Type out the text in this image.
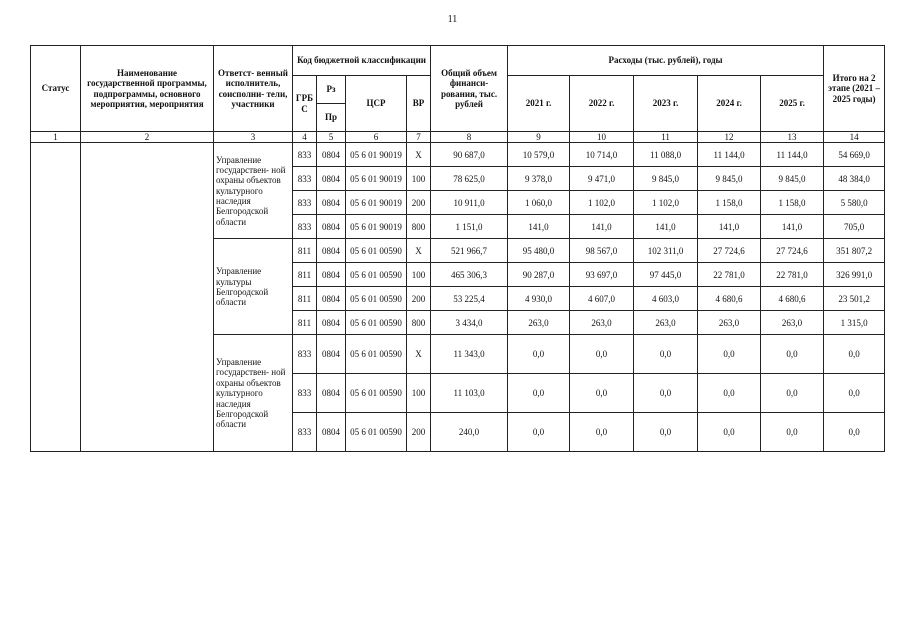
11
Статус	Наименование государственной программы, подпрограммы, основного мероприятия, мероприятия	Ответст- венный исполнитель, соисполни- тели, участники	Код бюджетной классификации				Общий объем финанси- рования, тыс. рублей	Расходы (тыс. рублей), годы					Итого на 2 этапе (2021 – 2025 годы)
			ГРБ С	Рз	ЦСР	ВР		2021 г.	2022 г.	2023 г.	2024 г.	2025 г.	
				Пр									
1	2	3	4	5	6	7	8	9	10	11	12	13	14
		Управление государствен- ной охраны объектов культурного наследия Белгородской области	833	0804	05 6 01 90019	Х	90 687,0	10 579,0	10 714,0	11 088,0	11 144,0	11 144,0	54 669,0
			833	0804	05 6 01 90019	100	78 625,0	9 378,0	9 471,0	9 845,0	9 845,0	9 845,0	48 384,0
			833	0804	05 6 01 90019	200	10 911,0	1 060,0	1 102,0	1 102,0	1 158,0	1 158,0	5 580,0
			833	0804	05 6 01 90019	800	1 151,0	141,0	141,0	141,0	141,0	141,0	705,0
		Управление культуры Белгородской области	811	0804	05 6 01 00590	Х	521 966,7	95 480,0	98 567,0	102 311,0	27 724,6	27 724,6	351 807,2
			811	0804	05 6 01 00590	100	465 306,3	90 287,0	93 697,0	97 445,0	22 781,0	22 781,0	326 991,0
			811	0804	05 6 01 00590	200	53 225,4	4 930,0	4 607,0	4 603,0	4 680,6	4 680,6	23 501,2
			811	0804	05 6 01 00590	800	3 434,0	263,0	263,0	263,0	263,0	263,0	1 315,0
		Управление государствен- ной охраны объектов культурного наследия Белгородской области	833	0804	05 6 01 00590	Х	11 343,0	0,0	0,0	0,0	0,0	0,0	0,0
			833	0804	05 6 01 00590	100	11 103,0	0,0	0,0	0,0	0,0	0,0	0,0
			833	0804	05 6 01 00590	200	240,0	0,0	0,0	0,0	0,0	0,0	0,0
